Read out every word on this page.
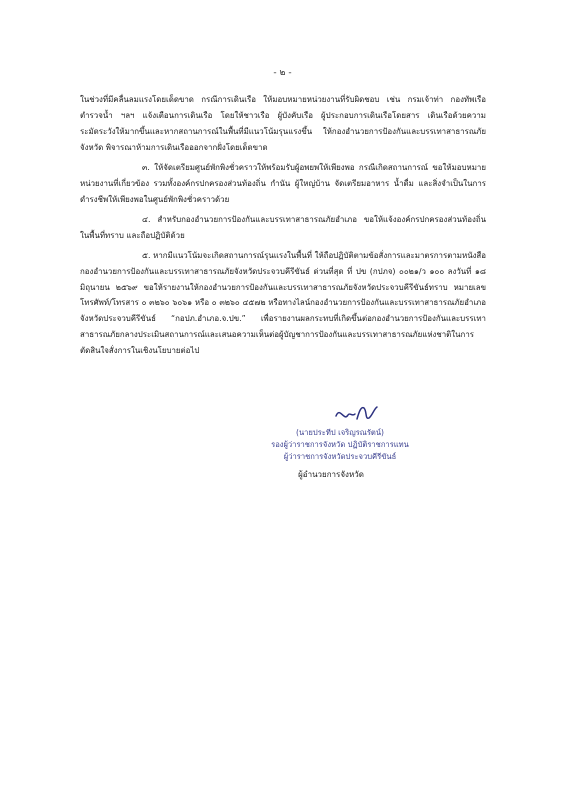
- ๒ -

ในช่วงที่มีคลื่นลมแรงโดยเด็ดขาด กรณีการเดินเรือ ให้มอบหมายหน่วยงานที่รับผิดชอบ เช่น กรมเจ้าท่า กองทัพเรือ ตำรวจน้ำ ฯลฯ แจ้งเตือนการเดินเรือ โดยให้ชาวเรือ ผู้บังคับเรือ ผู้ประกอบการเดินเรือโดยสาร เดินเรือด้วยความระมัดระวังให้มากขึ้นและหากสถานการณ์ในพื้นที่มีแนวโน้มรุนแรงขึ้น ให้กองอำนวยการป้องกันและบรรเทาสาธารณภัยจังหวัด พิจารณาห้ามการเดินเรือออกจากฝั่งโดยเด็ดขาด

๓. ให้จัดเตรียมศูนย์พักพิงชั่วคราวให้พร้อมรับผู้อพยพให้เพียงพอ กรณีเกิดสถานการณ์ ขอให้มอบหมายหน่วยงานที่เกี่ยวข้อง รวมทั้งองค์กรปกครองส่วนท้องถิ่น กำนัน ผู้ใหญ่บ้าน จัดเตรียมอาหาร น้ำดื่ม และสิ่งจำเป็นในการดำรงชีพให้เพียงพอในศูนย์พักพิงชั่วคราวด้วย

๔. สำหรับกองอำนวยการป้องกันและบรรเทาสาธารณภัยอำเภอ ขอให้แจ้งองค์กรปกครองส่วนท้องถิ่นในพื้นที่ทราบ และถือปฏิบัติด้วย

๕. หากมีแนวโน้มจะเกิดสถานการณ์รุนแรงในพื้นที่ ให้ถือปฏิบัติตามข้อสั่งการและมาตรการตามหนังสือกองอำนวยการป้องกันและบรรเทาสาธารณภัยจังหวัดประจวบคีรีขันธ์ ด่วนที่สุด ที่ ปข (กปภจ) ๐๐๒๑/ว ๑๐๐ ลงวันที่ ๑๘ มิถุนายน ๒๕๖๙ ขอให้รายงานให้กองอำนวยการป้องกันและบรรเทาสาธารณภัยจังหวัดประจวบคีรีขันธ์ทราบ หมายเลขโทรศัพท์/โทรสาร ๐ ๓๒๖๐ ๖๐๖๑ หรือ ๐ ๓๒๖๐ ๔๕๗๒ หรือทางไลน์กองอำนวยการป้องกันและบรรเทาสาธารณภัยอำเภอ จังหวัดประจวบคีรีขันธ์ “กอปภ.อำเภอ.จ.ปข.” เพื่อรายงานผลกระทบที่เกิดขึ้นต่อกองอำนวยการป้องกันและบรรเทาสาธารณภัยกลางประเมินสถานการณ์และเสนอความเห็นต่อผู้บัญชาการป้องกันและบรรเทาสาธารณภัยแห่งชาติในการตัดสินใจสั่งการในเชิงนโยบายต่อไป

(นายประทีป เจริญรณรัตน์)
รองผู้ว่าราชการจังหวัด ปฏิบัติราชการแทน
ผู้ว่าราชการจังหวัดประจวบคีรีขันธ์
ผู้อำนวยการจังหวัด
